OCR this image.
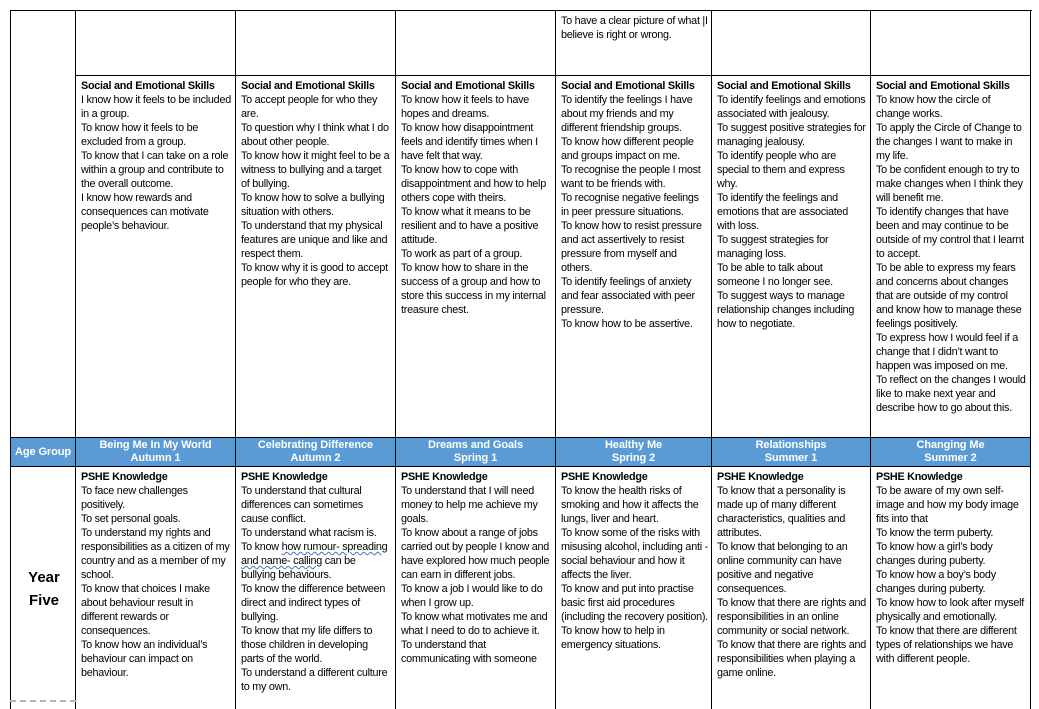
Age Group
Year
Five
Social and Emotional Skills
I know how it feels to be included in a group.
To know how it feels to be excluded from a group.
To know that I can take on a role within a group and contribute to the overall outcome.
I know how rewards and consequences can motivate people’s behaviour.
Being Me In My World
Autumn 1
PSHE Knowledge
To face new challenges positively.
To set personal goals.
To understand my rights and responsibilities as a citizen of my country and as a member of my school.
To know that choices I make about behaviour result in different rewards or consequences.
To know how an individual’s behaviour can impact on behaviour.
Social and Emotional Skills
To accept people for who they are.
To question why I think what I do about other people.
To know how it might feel to be a witness to bullying and a target of bullying.
To know how to solve a bullying situation with others.
To understand that my physical features are unique and like and respect them.
To know why it is good to accept people for who they are.
Celebrating Difference
Autumn 2
PSHE Knowledge
To understand that cultural differences can sometimes cause conflict.
To understand what racism is.
To know how rumour- spreading and name- calling can be bullying behaviours.
To know the difference between direct and indirect types of bullying.
To know that my life differs to those children in developing parts of the world.
To understand a different culture to my own.
Social and Emotional Skills
To know how it feels to have hopes and dreams.
To know how disappointment feels and identify times when I have felt that way.
To know how to cope with disappointment and how to help others cope with theirs.
To know what it means to be resilient and to have a positive attitude.
To work as part of a group.
To know how to share in the success of a group and how to store this success in my internal treasure chest.
Dreams and Goals
Spring 1
PSHE Knowledge
To understand that I will need money to help me achieve my goals.
To know about a range of jobs carried out by people I know and have explored how much people can earn in different jobs.
To know a job I would like to do when I grow up.
To know what motivates me and what I need to do to achieve it.
To understand that communicating with someone
To have a clear picture of what |I believe is right or wrong.
Social and Emotional Skills
To identify the feelings I have about my friends and my different friendship groups.
To know how different people and groups impact on me.
To recognise the people I most want to be friends with.
To recognise negative feelings in peer pressure situations.
To know how to resist pressure and act assertively to resist pressure from myself and others.
To identify feelings of anxiety and fear associated with peer pressure.
To know how to be assertive.
Healthy Me
Spring 2
PSHE Knowledge
To know the health risks of smoking and how it affects the lungs, liver and heart.
To know some of the risks with misusing alcohol, including anti -social behaviour and how it affects the liver.
To know and put into practise basic first aid procedures (including the recovery position).
To know how to help in emergency situations.
Social and Emotional Skills
To identify feelings and emotions associated with jealousy.
To suggest positive strategies for managing jealousy.
To identify people who are special to them and express why.
To identify the feelings and emotions that are associated with loss.
To suggest strategies for managing loss.
To be able to talk about someone I no longer see.
To suggest ways to manage relationship changes including how to negotiate.
Relationships
Summer 1
PSHE Knowledge
To know that a personality is made up of many different characteristics, qualities and attributes.
To know that belonging to an online community can have positive and negative consequences.
To know that there are rights and responsibilities in an online community or social network.
To know that there are rights and responsibilities when playing a game online.
Social and Emotional Skills
To know how the circle of change works.
To apply the Circle of Change to the changes I want to make in my life.
To be confident enough to try to make changes when I think they will benefit me.
To identify changes that have been and may continue to be outside of my control that I learnt to accept.
To be able to express my fears and concerns about changes that are outside of my control and know how to manage these feelings positively.
To express how I would feel if a change that I didn’t want to happen was imposed on me.
To reflect on the changes I would like to make next year and describe how to go about this.
Changing Me
Summer 2
PSHE Knowledge
To be aware of my own self-image and how my body image fits into that
To know the term puberty.
To know how a girl’s body changes during puberty.
To know how a boy’s body changes during puberty.
To know how to look after myself physically and emotionally.
To know that there are different types of relationships we have with different people.
